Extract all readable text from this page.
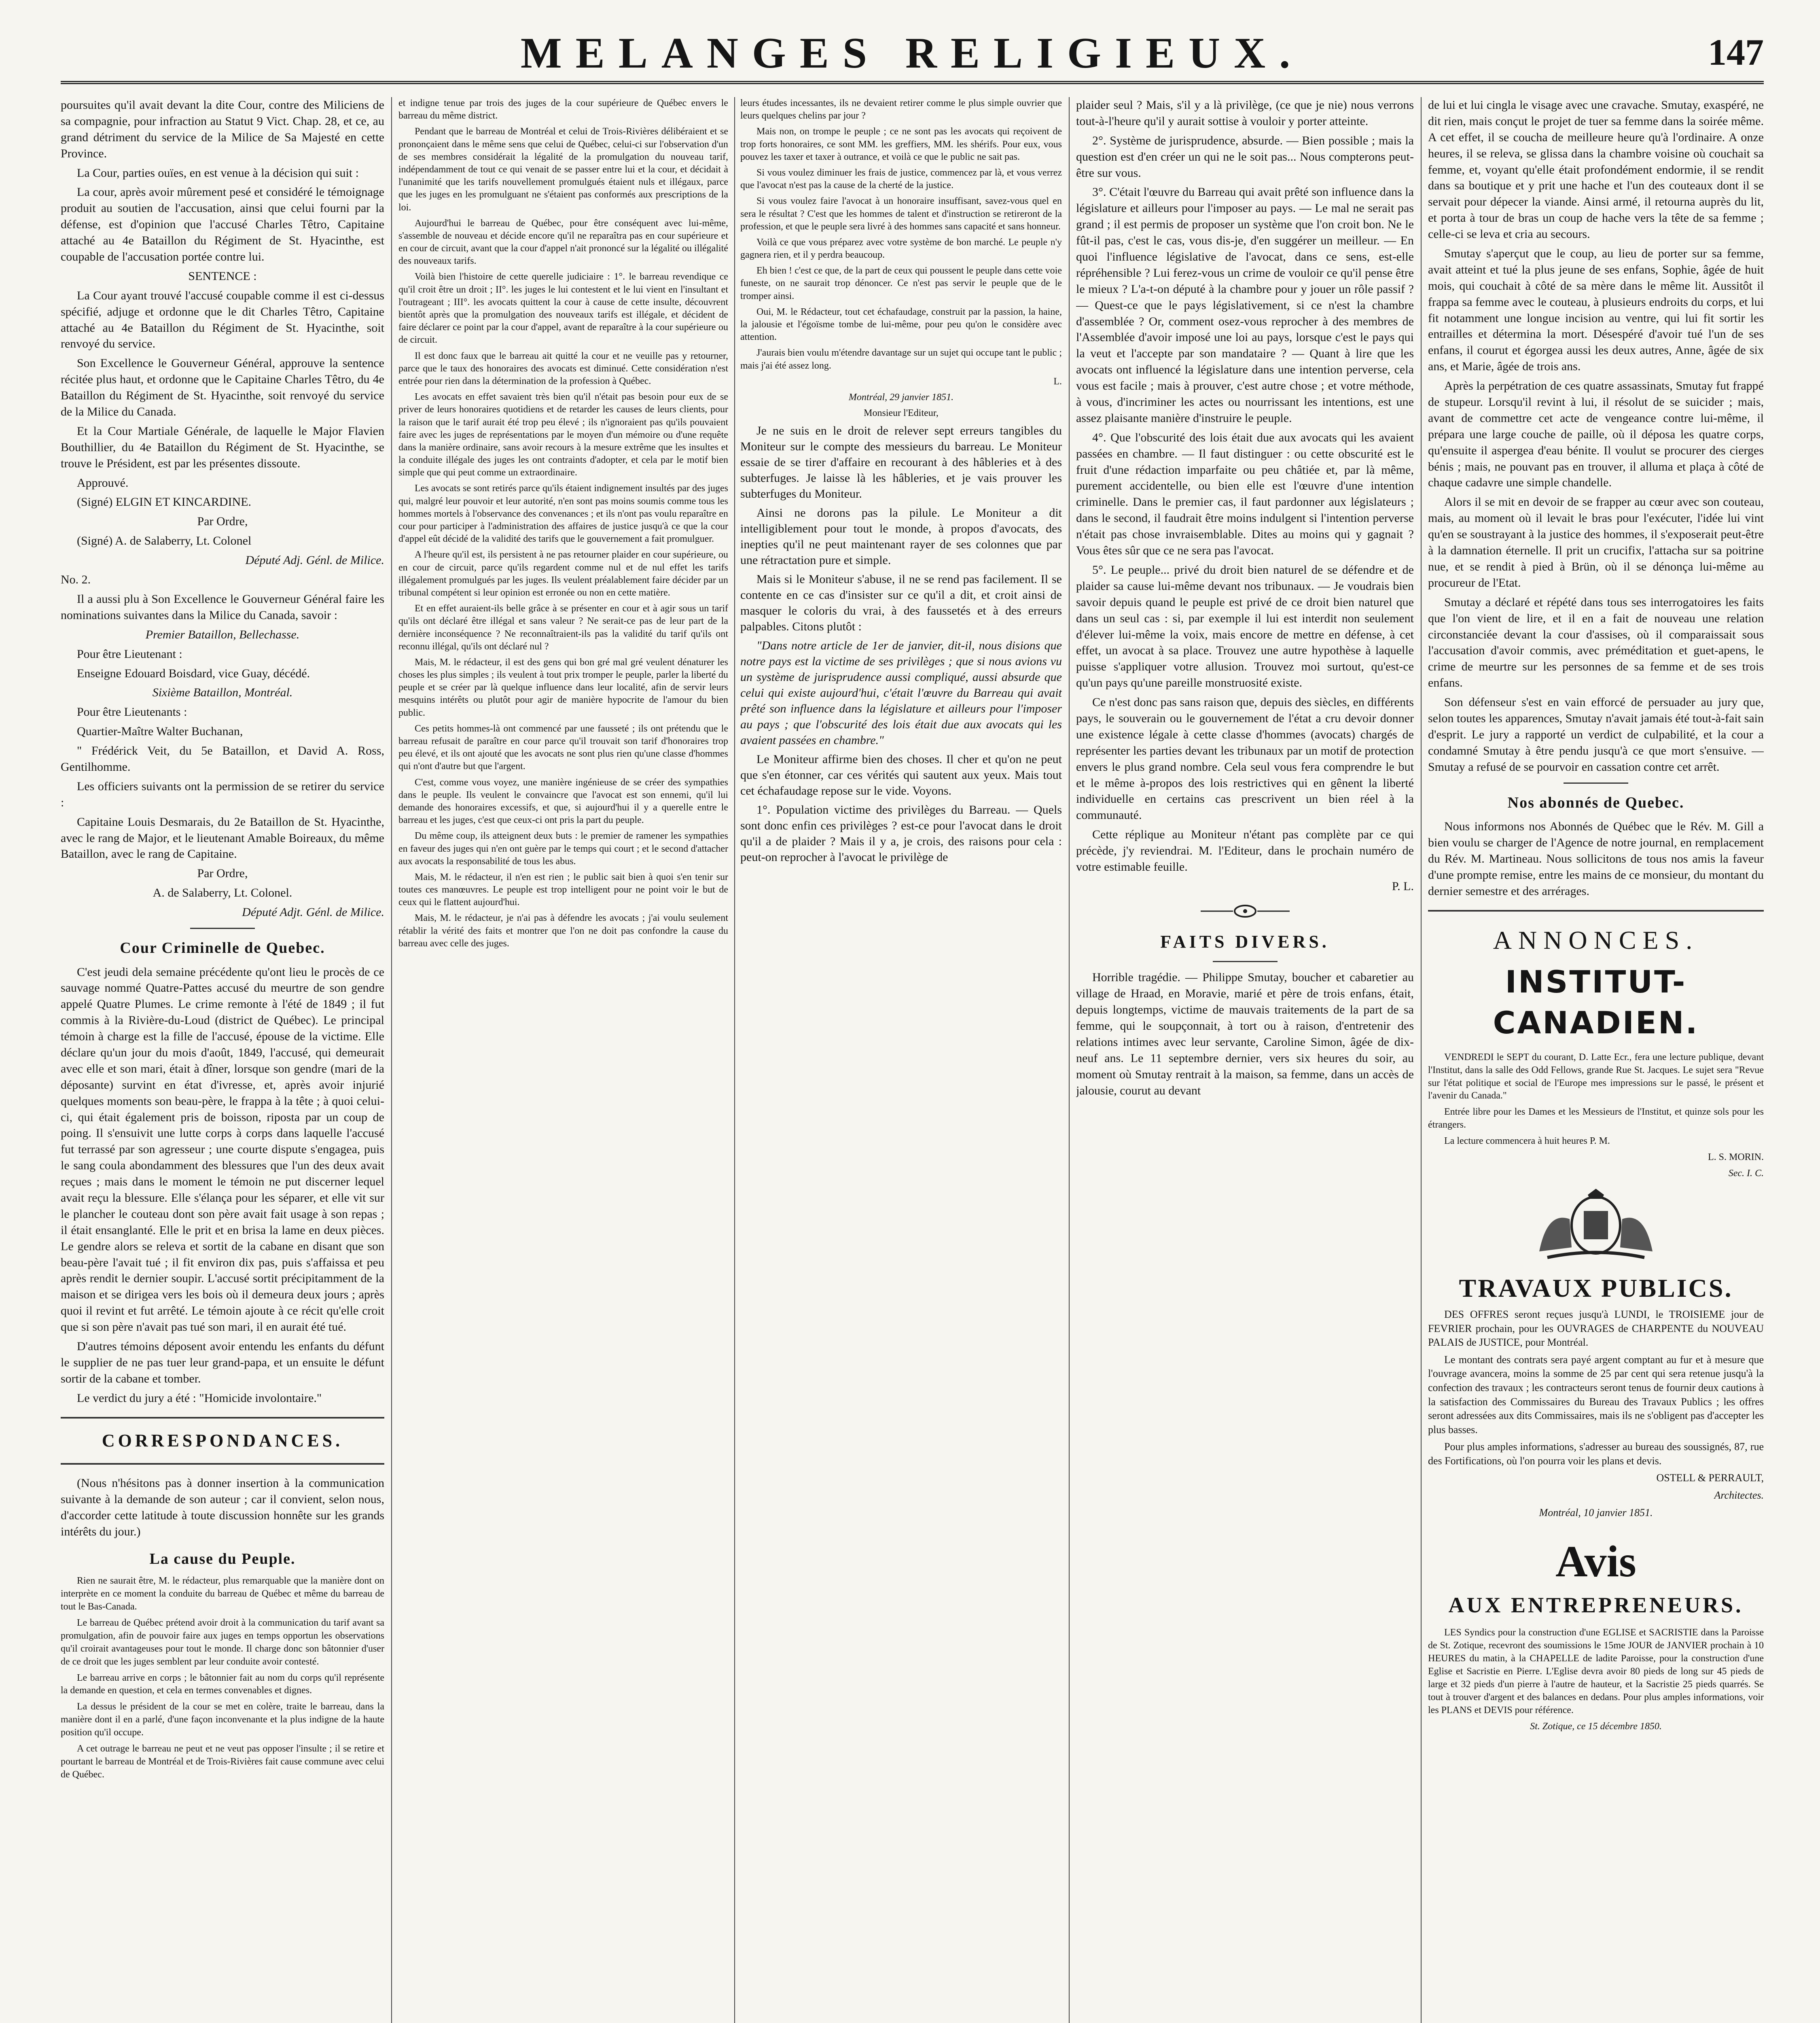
MELANGES RELIGIEUX.	147

poursuites qu'il avait devant la dite Cour, contre des Miliciens de sa compagnie, pour infraction au Statut 9 Vict. Chap. 28, et ce, au grand détriment du service de la Milice de Sa Majesté en cette Province.

La Cour, parties ouïes, en est venue à la décision qui suit :

La cour, après avoir mûrement pesé et considéré le témoignage produit au soutien de l'accusation, ainsi que celui fourni par la défense, est d'opinion que l'accusé Charles Têtro, Capitaine attaché au 4e Bataillon du Régiment de St. Hyacinthe, est coupable de l'accusation portée contre lui.

SENTENCE :

La Cour ayant trouvé l'accusé coupable comme il est ci-dessus spécifié, adjuge et ordonne que le dit Charles Têtro, Capitaine attaché au 4e Bataillon du Régiment de St. Hyacinthe, soit renvoyé du service.

Son Excellence le Gouverneur Général, approuve la sentence récitée plus haut, et ordonne que le Capitaine Charles Têtro, du 4e Bataillon du Régiment de St. Hyacinthe, soit renvoyé du service de la Milice du Canada.

Et la Cour Martiale Générale, de laquelle le Major Flavien Bouthillier, du 4e Bataillon du Régiment de St. Hyacinthe, se trouve le Président, est par les présentes dissoute.

Approuvé.

(Signé) ELGIN ET KINCARDINE.

Par Ordre,

(Signé) A. de Salaberry, Lt. Colonel

Député Adj. Génl. de Milice.

No. 2.

Il a aussi plu à Son Excellence le Gouverneur Général faire les nominations suivantes dans la Milice du Canada, savoir :

Premier Bataillon, Bellechasse.

Pour être Lieutenant :

Enseigne Edouard Boisdard, vice Guay, décédé.

Sixième Bataillon, Montréal.

Pour être Lieutenants :

Quartier-Maître Walter Buchanan,

" Frédérick Veit, du 5e Bataillon, et David A. Ross, Gentilhomme.

Les officiers suivants ont la permission de se retirer du service :

Capitaine Louis Desmarais, du 2e Bataillon de St. Hyacinthe, avec le rang de Major, et le lieutenant Amable Boireaux, du même Bataillon, avec le rang de Capitaine.

Par Ordre,

A. de Salaberry, Lt. Colonel.

Député Adjt. Génl. de Milice.

Cour Criminelle de Quebec.

C'est jeudi dela semaine précédente qu'ont lieu le procès de ce sauvage nommé Quatre-Pattes accusé du meurtre de son gendre appelé Quatre Plumes. Le crime remonte à l'été de 1849 ; il fut commis à la Rivière-du-Loud (district de Québec). Le principal témoin à charge est la fille de l'accusé, épouse de la victime. Elle déclare qu'un jour du mois d'août, 1849, l'accusé, qui demeurait avec elle et son mari, était à dîner, lorsque son gendre (mari de la déposante) survint en état d'ivresse, et, après avoir injurié quelques moments son beau-père, le frappa à la tête ; à quoi celui-ci, qui était également pris de boisson, riposta par un coup de poing. Il s'ensuivit une lutte corps à corps dans laquelle l'accusé fut terrassé par son agresseur ; une courte dispute s'engagea, puis le sang coula abondamment des blessures que l'un des deux avait reçues ; mais dans le moment le témoin ne put discerner lequel avait reçu la blessure. Elle s'élança pour les séparer, et elle vit sur le plancher le couteau dont son père avait fait usage à son repas ; il était ensanglanté. Elle le prit et en brisa la lame en deux pièces. Le gendre alors se releva et sortit de la cabane en disant que son beau-père l'avait tué ; il fit environ dix pas, puis s'affaissa et peu après rendit le dernier soupir. L'accusé sortit précipitamment de la maison et se dirigea vers les bois où il demeura deux jours ; après quoi il revint et fut arrêté. Le témoin ajoute à ce récit qu'elle croit que si son père n'avait pas tué son mari, il en aurait été tué.

D'autres témoins déposent avoir entendu les enfants du défunt le supplier de ne pas tuer leur grand-papa, et un ensuite le défunt sortir de la cabane et tomber.

Le verdict du jury a été : "Homicide involontaire."

CORRESPONDANCES.

(Nous n'hésitons pas à donner insertion à la communication suivante à la demande de son auteur ; car il convient, selon nous, d'accorder cette latitude à toute discussion honnête sur les grands intérêts du jour.)

La cause du Peuple.

Rien ne saurait être, M. le rédacteur, plus remarquable que la manière dont on interprète en ce moment la conduite du barreau de Québec et même du barreau de tout le Bas-Canada.

Le barreau de Québec prétend avoir droit à la communication du tarif avant sa promulgation, afin de pouvoir faire aux juges en temps opportun les observations qu'il croirait avantageuses pour tout le monde. Il charge donc son bâtonnier d'user de ce droit que les juges semblent par leur conduite avoir contesté.

Le barreau arrive en corps ; le bâtonnier fait au nom du corps qu'il représente la demande en question, et cela en termes convenables et dignes.

La dessus le président de la cour se met en colère, traite le barreau, dans la manière dont il en a parlé, d'une façon inconvenante et la plus indigne de la haute position qu'il occupe.

A cet outrage le barreau ne peut et ne veut pas opposer l'insulte ; il se retire et pourtant le barreau de Montréal et de Trois-Rivières fait cause commune avec celui de Québec.

et indigne tenue par trois des juges de la cour supérieure de Québec envers le barreau du même district.

Pendant que le barreau de Montréal et celui de Trois-Rivières délibéraient et se prononçaient dans le même sens que celui de Québec, celui-ci sur l'observation d'un de ses membres considérait la légalité de la promulgation du nouveau tarif, indépendamment de tout ce qui venait de se passer entre lui et la cour, et décidait à l'unanimité que les tarifs nouvellement promulgués étaient nuls et illégaux, parce que les juges en les promulguant ne s'étaient pas conformés aux prescriptions de la loi.

Aujourd'hui le barreau de Québec, pour être conséquent avec lui-même, s'assemble de nouveau et décide encore qu'il ne reparaîtra pas en cour supérieure et en cour de circuit, avant que la cour d'appel n'ait prononcé sur la légalité ou illégalité des nouveaux tarifs.

Voilà bien l'histoire de cette querelle judiciaire : 1°. le barreau revendique ce qu'il croit être un droit ; II°. les juges le lui contestent et le lui vient en l'insultant et l'outrageant ; III°. les avocats quittent la cour à cause de cette insulte, découvrent bientôt après que la promulgation des nouveaux tarifs est illégale, et décident de faire déclarer ce point par la cour d'appel, avant de reparaître à la cour supérieure ou de circuit.

Il est donc faux que le barreau ait quitté la cour et ne veuille pas y retourner, parce que le taux des honoraires des avocats est diminué. Cette considération n'est entrée pour rien dans la détermination de la profession à Québec.

Les avocats en effet savaient très bien qu'il n'était pas besoin pour eux de se priver de leurs honoraires quotidiens et de retarder les causes de leurs clients, pour la raison que le tarif aurait été trop peu élevé ; ils n'ignoraient pas qu'ils pouvaient faire avec les juges de représentations par le moyen d'un mémoire ou d'une requête dans la manière ordinaire, sans avoir recours à la mesure extrême que les insultes et la conduite illégale des juges les ont contraints d'adopter, et cela par le motif bien simple que qui peut comme un extraordinaire.

Les avocats se sont retirés parce qu'ils étaient indignement insultés par des juges qui, malgré leur pouvoir et leur autorité, n'en sont pas moins soumis comme tous les hommes mortels à l'observance des convenances ; et ils n'ont pas voulu reparaître en cour pour participer à l'administration des affaires de justice jusqu'à ce que la cour d'appel eût décidé de la validité des tarifs que le gouvernement a fait promulguer.

A l'heure qu'il est, ils persistent à ne pas retourner plaider en cour supérieure, ou en cour de circuit, parce qu'ils regardent comme nul et de nul effet les tarifs illégalement promulgués par les juges. Ils veulent préalablement faire décider par un tribunal compétent si leur opinion est erronée ou non en cette matière.

Et en effet auraient-ils belle grâce à se présenter en cour et à agir sous un tarif qu'ils ont déclaré être illégal et sans valeur ? Ne serait-ce pas de leur part de la dernière inconséquence ? Ne reconnaîtraient-ils pas la validité du tarif qu'ils ont reconnu illégal, qu'ils ont déclaré nul ?

Mais, M. le rédacteur, il est des gens qui bon gré mal gré veulent dénaturer les choses les plus simples ; ils veulent à tout prix tromper le peuple, parler la liberté du peuple et se créer par là quelque influence dans leur localité, afin de servir leurs mesquins intérêts ou plutôt pour agir de manière hypocrite de l'amour du bien public.

Ces petits hommes-là ont commencé par une fausseté ; ils ont prétendu que le barreau refusait de paraître en cour parce qu'il trouvait son tarif d'honoraires trop peu élevé, et ils ont ajouté que les avocats ne sont plus rien qu'une classe d'hommes qui n'ont d'autre but que l'argent.

C'est, comme vous voyez, une manière ingénieuse de se créer des sympathies dans le peuple. Ils veulent le convaincre que l'avocat est son ennemi, qu'il lui demande des honoraires excessifs, et que, si aujourd'hui il y a querelle entre le barreau et les juges, c'est que ceux-ci ont pris la part du peuple.

Du même coup, ils atteignent deux buts : le premier de ramener les sympathies en faveur des juges qui n'en ont guère par le temps qui court ; et le second d'attacher aux avocats la responsabilité de tous les abus.

Mais, M. le rédacteur, il n'en est rien ; le public sait bien à quoi s'en tenir sur toutes ces manœuvres. Le peuple est trop intelligent pour ne point voir le but de ceux qui le flattent aujourd'hui.

Mais, M. le rédacteur, je n'ai pas à défendre les avocats ; j'ai voulu seulement rétablir la vérité des faits et montrer que l'on ne doit pas confondre la cause du barreau avec celle des juges.

leurs études incessantes, ils ne devaient retirer comme le plus simple ouvrier que leurs quelques chelins par jour ?

Mais non, on trompe le peuple ; ce ne sont pas les avocats qui reçoivent de trop forts honoraires, ce sont MM. les greffiers, MM. les shérifs. Pour eux, vous pouvez les taxer et taxer à outrance, et voilà ce que le public ne sait pas.

Si vous voulez diminuer les frais de justice, commencez par là, et vous verrez que l'avocat n'est pas la cause de la cherté de la justice.

Si vous voulez faire l'avocat à un honoraire insuffisant, savez-vous quel en sera le résultat ? C'est que les hommes de talent et d'instruction se retireront de la profession, et que le peuple sera livré à des hommes sans capacité et sans honneur.

Voilà ce que vous préparez avec votre système de bon marché. Le peuple n'y gagnera rien, et il y perdra beaucoup.

Eh bien ! c'est ce que, de la part de ceux qui poussent le peuple dans cette voie funeste, on ne saurait trop dénoncer. Ce n'est pas servir le peuple que de le tromper ainsi.

Oui, M. le Rédacteur, tout cet échafaudage, construit par la passion, la haine, la jalousie et l'égoïsme tombe de lui-même, pour peu qu'on le considère avec attention.

J'aurais bien voulu m'étendre davantage sur un sujet qui occupe tant le public ; mais j'ai été assez long.

L.

Montréal, 29 janvier 1851.

Monsieur l'Editeur,

Je ne suis en le droit de relever sept erreurs tangibles du Moniteur sur le compte des messieurs du barreau. Le Moniteur essaie de se tirer d'affaire en recourant à des hâbleries et à des subterfuges. Je laisse là les hâbleries, et je vais prouver les subterfuges du Moniteur.

Ainsi ne dorons pas la pilule. Le Moniteur a dit intelligiblement pour tout le monde, à propos d'avocats, des inepties qu'il ne peut maintenant rayer de ses colonnes que par une rétractation pure et simple.

Mais si le Moniteur s'abuse, il ne se rend pas facilement. Il se contente en ce cas d'insister sur ce qu'il a dit, et croit ainsi de masquer le coloris du vrai, à des faussetés et à des erreurs palpables. Citons plutôt :

"Dans notre article de 1er de janvier, dit-il, nous disions que notre pays est la victime de ses privilèges ; que si nous avions vu un système de jurisprudence aussi compliqué, aussi absurde que celui qui existe aujourd'hui, c'était l'œuvre du Barreau qui avait prêté son influence dans la législature et ailleurs pour l'imposer au pays ; que l'obscurité des lois était due aux avocats qui les avaient passées en chambre."

Le Moniteur affirme bien des choses. Il cher et qu'on ne peut que s'en étonner, car ces vérités qui sautent aux yeux. Mais tout cet échafaudage repose sur le vide. Voyons.

1°. Population victime des privilèges du Barreau. — Quels sont donc enfin ces privilèges ? est-ce pour l'avocat dans le droit qu'il a de plaider ? Mais il y a, je crois, des raisons pour cela : peut-on reprocher à l'avocat le privilège de

plaider seul ? Mais, s'il y a là privilège, (ce que je nie) nous verrons tout-à-l'heure qu'il y aurait sottise à vouloir y porter atteinte.

2°. Système de jurisprudence, absurde. — Bien possible ; mais la question est d'en créer un qui ne le soit pas... Nous compterons peut-être sur vous.

3°. C'était l'œuvre du Barreau qui avait prêté son influence dans la législature et ailleurs pour l'imposer au pays. — Le mal ne serait pas grand ; il est permis de proposer un système que l'on croit bon. Ne le fût-il pas, c'est le cas, vous dis-je, d'en suggérer un meilleur. — En quoi l'influence législative de l'avocat, dans ce sens, est-elle répréhensible ? Lui ferez-vous un crime de vouloir ce qu'il pense être le mieux ? L'a-t-on député à la chambre pour y jouer un rôle passif ? — Quest-ce que le pays législativement, si ce n'est la chambre d'assemblée ? Or, comment osez-vous reprocher à des membres de l'Assemblée d'avoir imposé une loi au pays, lorsque c'est le pays qui la veut et l'accepte par son mandataire ? — Quant à lire que les avocats ont influencé la législature dans une intention perverse, cela vous est facile ; mais à prouver, c'est autre chose ; et votre méthode, à vous, d'incriminer les actes ou nourrissant les intentions, est une assez plaisante manière d'instruire le peuple.

4°. Que l'obscurité des lois était due aux avocats qui les avaient passées en chambre. — Il faut distinguer : ou cette obscurité est le fruit d'une rédaction imparfaite ou peu châtiée et, par là même, purement accidentelle, ou bien elle est l'œuvre d'une intention criminelle. Dans le premier cas, il faut pardonner aux législateurs ; dans le second, il faudrait être moins indulgent si l'intention perverse n'était pas chose invraisemblable. Dites au moins qui y gagnait ? Vous êtes sûr que ce ne sera pas l'avocat.

5°. Le peuple... privé du droit bien naturel de se défendre et de plaider sa cause lui-même devant nos tribunaux. — Je voudrais bien savoir depuis quand le peuple est privé de ce droit bien naturel que dans un seul cas : si, par exemple il lui est interdit non seulement d'élever lui-même la voix, mais encore de mettre en défense, à cet effet, un avocat à sa place. Trouvez une autre hypothèse à laquelle puisse s'appliquer votre allusion. Trouvez moi surtout, qu'est-ce qu'un pays qu'une pareille monstruosité existe.

Ce n'est donc pas sans raison que, depuis des siècles, en différents pays, le souverain ou le gouvernement de l'état a cru devoir donner une existence légale à cette classe d'hommes (avocats) chargés de représenter les parties devant les tribunaux par un motif de protection envers le plus grand nombre. Cela seul vous fera comprendre le but et le même à-propos des lois restrictives qui en gênent la liberté individuelle en certains cas prescrivent un bien réel à la communauté.

Cette réplique au Moniteur n'étant pas complète par ce qui précède, j'y reviendrai. M. l'Editeur, dans le prochain numéro de votre estimable feuille.

P. L.

FAITS DIVERS.

Horrible tragédie. — Philippe Smutay, boucher et cabaretier au village de Hraad, en Moravie, marié et père de trois enfans, était, depuis longtemps, victime de mauvais traitements de la part de sa femme, qui le soupçonnait, à tort ou à raison, d'entretenir des relations intimes avec leur servante, Caroline Simon, âgée de dix-neuf ans. Le 11 septembre dernier, vers six heures du soir, au moment où Smutay rentrait à la maison, sa femme, dans un accès de jalousie, courut au devant

de lui et lui cingla le visage avec une cravache. Smutay, exaspéré, ne dit rien, mais conçut le projet de tuer sa femme dans la soirée même. A cet effet, il se coucha de meilleure heure qu'à l'ordinaire. A onze heures, il se releva, se glissa dans la chambre voisine où couchait sa femme, et, voyant qu'elle était profondément endormie, il se rendit dans sa boutique et y prit une hache et l'un des couteaux dont il se servait pour dépecer la viande. Ainsi armé, il retourna auprès du lit, et porta à tour de bras un coup de hache vers la tête de sa femme ; celle-ci se leva et cria au secours.

Smutay s'aperçut que le coup, au lieu de porter sur sa femme, avait atteint et tué la plus jeune de ses enfans, Sophie, âgée de huit mois, qui couchait à côté de sa mère dans le même lit. Aussitôt il frappa sa femme avec le couteau, à plusieurs endroits du corps, et lui fit notamment une longue incision au ventre, qui lui fit sortir les entrailles et détermina la mort. Désespéré d'avoir tué l'un de ses enfans, il courut et égorgea aussi les deux autres, Anne, âgée de six ans, et Marie, âgée de trois ans.

Après la perpétration de ces quatre assassinats, Smutay fut frappé de stupeur. Lorsqu'il revint à lui, il résolut de se suicider ; mais, avant de commettre cet acte de vengeance contre lui-même, il prépara une large couche de paille, où il déposa les quatre corps, qu'ensuite il aspergea d'eau bénite. Il voulut se procurer des cierges bénis ; mais, ne pouvant pas en trouver, il alluma et plaça à côté de chaque cadavre une simple chandelle.

Alors il se mit en devoir de se frapper au cœur avec son couteau, mais, au moment où il levait le bras pour l'exécuter, l'idée lui vint qu'en se soustrayant à la justice des hommes, il s'exposerait peut-être à la damnation éternelle. Il prit un crucifix, l'attacha sur sa poitrine nue, et se rendit à pied à Brün, où il se dénonça lui-même au procureur de l'Etat.

Smutay a déclaré et répété dans tous ses interrogatoires les faits que l'on vient de lire, et il en a fait de nouveau une relation circonstanciée devant la cour d'assises, où il comparaissait sous l'accusation d'avoir commis, avec préméditation et guet-apens, le crime de meurtre sur les personnes de sa femme et de ses trois enfans.

Son défenseur s'est en vain efforcé de persuader au jury que, selon toutes les apparences, Smutay n'avait jamais été tout-à-fait sain d'esprit. Le jury a rapporté un verdict de culpabilité, et la cour a condamné Smutay à être pendu jusqu'à ce que mort s'ensuive. — Smutay a refusé de se pourvoir en cassation contre cet arrêt.

Nos abonnés de Quebec.

Nous informons nos Abonnés de Québec que le Rév. M. Gill a bien voulu se charger de l'Agence de notre journal, en remplacement du Rév. M. Martineau. Nous sollicitons de tous nos amis la faveur d'une prompte remise, entre les mains de ce monsieur, du montant du dernier semestre et des arrérages.

ANNONCES.
INSTITUT-CANADIEN.

VENDREDI le SEPT du courant, D. Latte Ecr., fera une lecture publique, devant l'Institut, dans la salle des Odd Fellows, grande Rue St. Jacques. Le sujet sera "Revue sur l'état politique et social de l'Europe mes impressions sur le passé, le présent et l'avenir du Canada."

Entrée libre pour les Dames et les Messieurs de l'Institut, et quinze sols pour les étrangers.

La lecture commencera à huit heures P. M.

L. S. MORIN.

Sec. I. C.

TRAVAUX PUBLICS.

DES OFFRES seront reçues jusqu'à LUNDI, le TROISIEME jour de FEVRIER prochain, pour les OUVRAGES de CHARPENTE du NOUVEAU PALAIS de JUSTICE, pour Montréal.

Le montant des contrats sera payé argent comptant au fur et à mesure que l'ouvrage avancera, moins la somme de 25 par cent qui sera retenue jusqu'à la confection des travaux ; les contracteurs seront tenus de fournir deux cautions à la satisfaction des Commissaires du Bureau des Travaux Publics ; les offres seront adressées aux dits Commissaires, mais ils ne s'obligent pas d'accepter les plus basses.

Pour plus amples informations, s'adresser au bureau des soussignés, 87, rue des Fortifications, où l'on pourra voir les plans et devis.

OSTELL & PERRAULT,

Architectes.

Montréal, 10 janvier 1851.

Avis
AUX ENTREPRENEURS.

LES Syndics pour la construction d'une EGLISE et SACRISTIE dans la Paroisse de St. Zotique, recevront des soumissions le 15me JOUR de JANVIER prochain à 10 HEURES du matin, à la CHAPELLE de ladite Paroisse, pour la construction d'une Eglise et Sacristie en Pierre. L'Eglise devra avoir 80 pieds de long sur 45 pieds de large et 32 pieds d'un pierre à l'autre de hauteur, et la Sacristie 25 pieds quarrés. Se tout à trouver d'argent et des balances en dedans. Pour plus amples informations, voir les PLANS et DEVIS pour référence.

St. Zotique, ce 15 décembre 1850.
